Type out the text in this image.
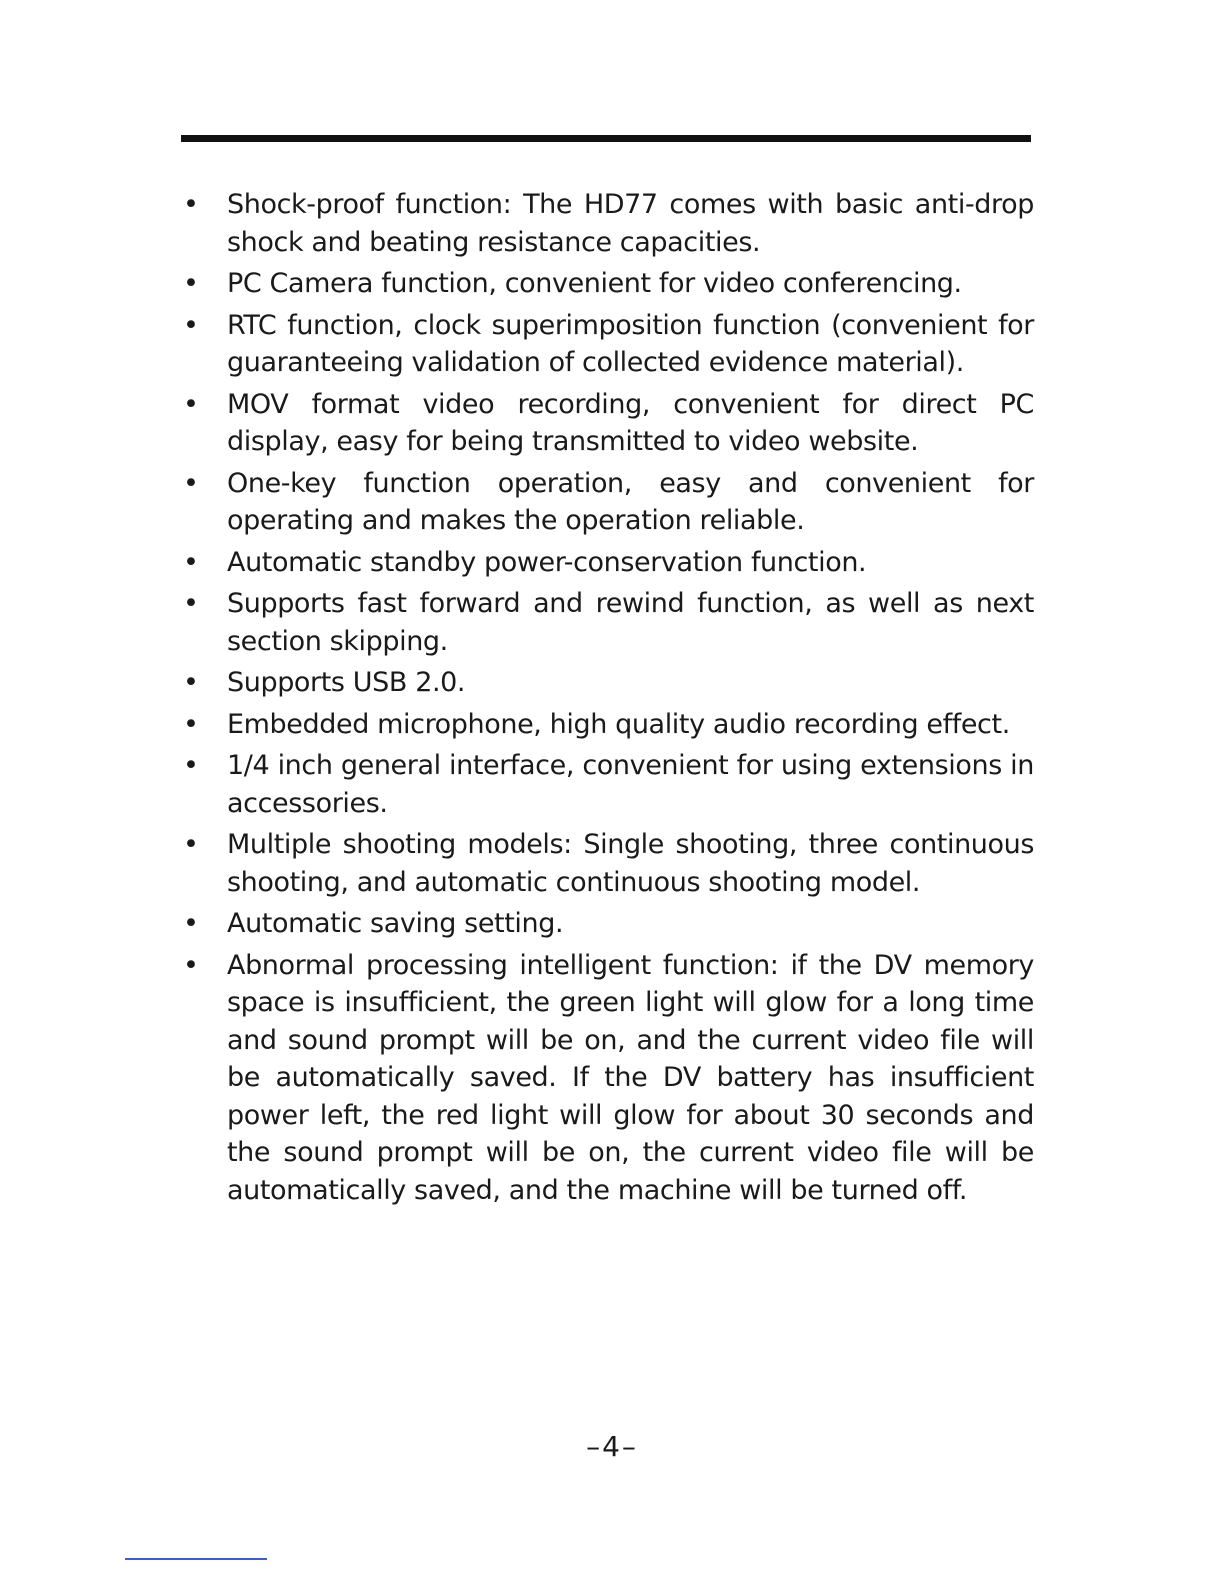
• Shock-proof function: The HD77 comes with basic anti-drop shock and beating resistance capacities.
• PC Camera function, convenient for video conferencing.
• RTC function, clock superimposition function (convenient for guaranteeing validation of collected evidence material).
• MOV format video recording, convenient for direct PC display, easy for being transmitted to video website.
• One-key function operation, easy and convenient for operating and makes the operation reliable.
• Automatic standby power-conservation function.
• Supports fast forward and rewind function, as well as next section skipping.
• Supports USB 2.0.
• Embedded microphone, high quality audio recording effect.
• 1/4 inch general interface, convenient for using extensions in accessories.
• Multiple shooting models: Single shooting, three continuous shooting, and automatic continuous shooting model.
• Automatic saving setting.
• Abnormal processing intelligent function: if the DV memory space is insufficient, the green light will glow for a long time and sound prompt will be on, and the current video file will be automatically saved. If the DV battery has insufficient power left, the red light will glow for about 30 seconds and the sound prompt will be on, the current video file will be automatically saved, and the machine will be turned off.
–4–
